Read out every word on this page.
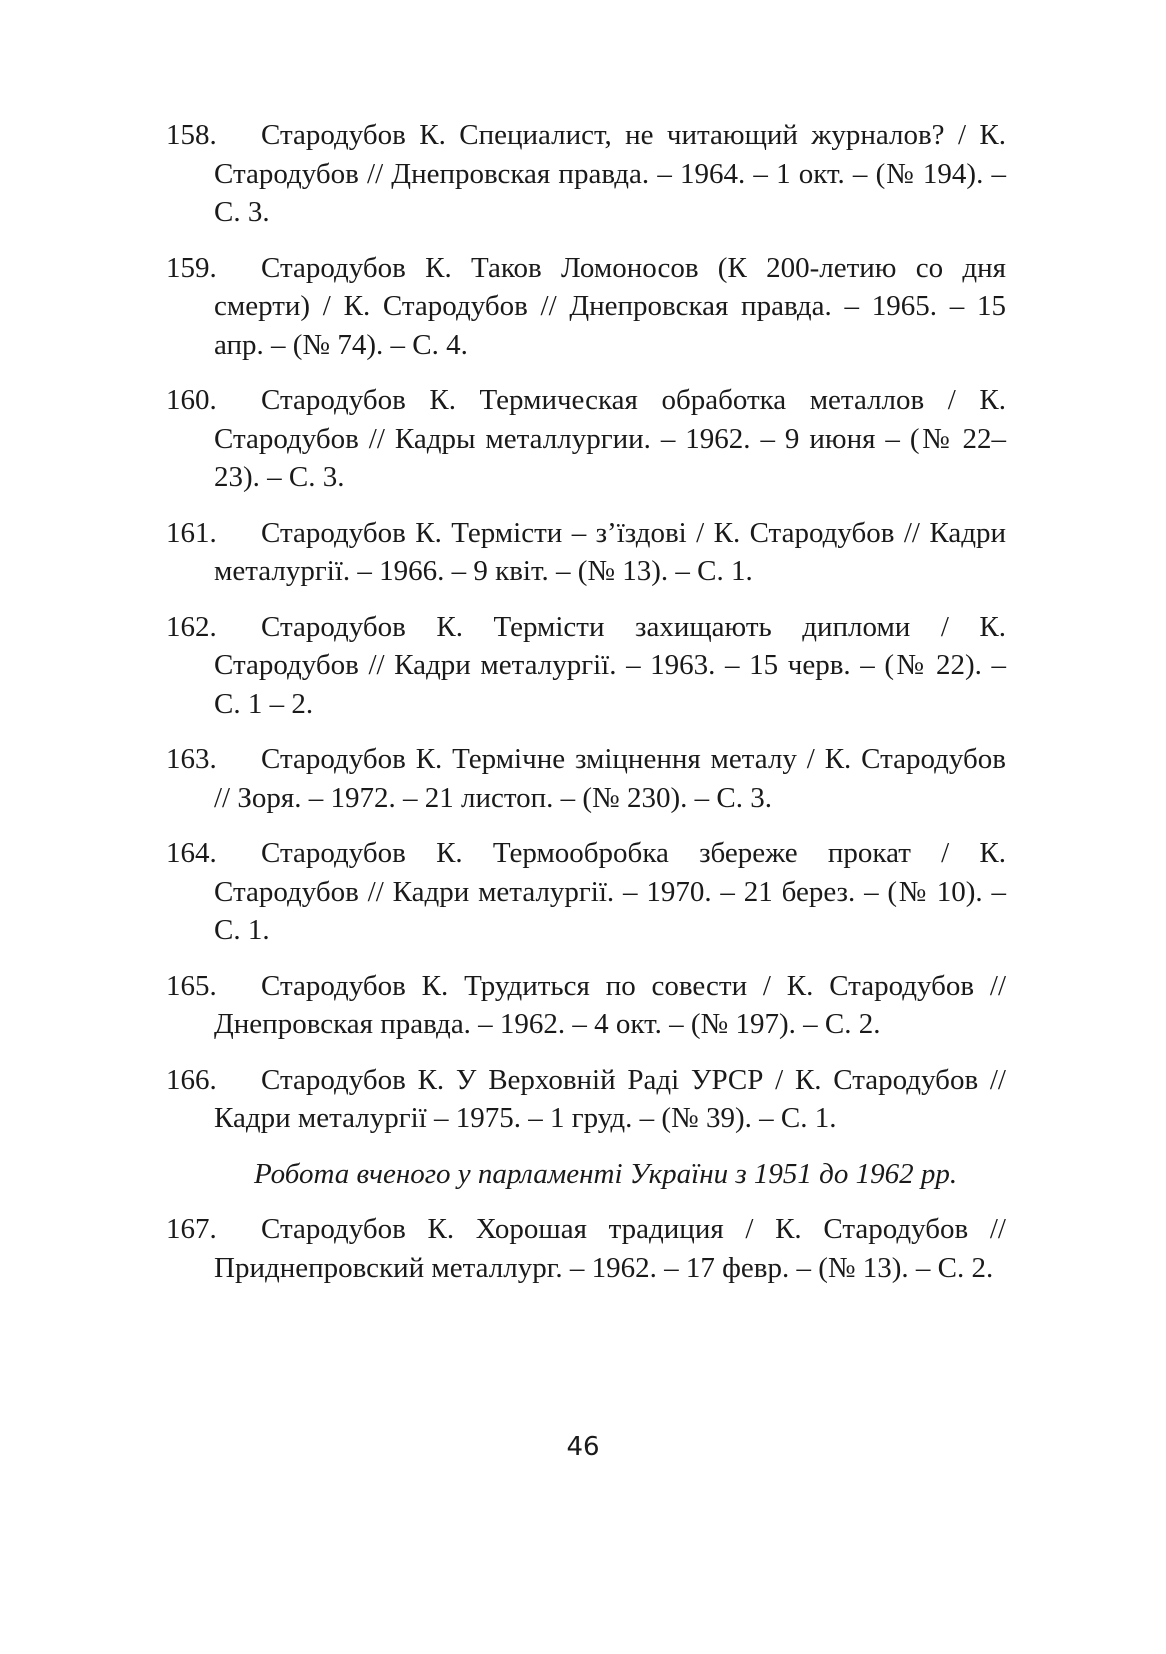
158.	Стародубов К. Специалист, не читающий журналов? / К. Стародубов // Днепровская правда. – 1964. – 1 окт. – (№ 194). – С. 3.
159.	Стародубов К. Таков Ломоносов (К 200-летию со дня смерти) / К. Стародубов // Днепровская правда. – 1965. – 15 апр. – (№ 74). – С. 4.
160.	Стародубов К. Термическая обработка металлов / К. Стародубов // Кадры металлургии. – 1962. – 9 июня – (№ 22–23). – С. 3.
161.	Стародубов К. Термісти – з’їздові / К. Стародубов // Кадри металургії. – 1966. – 9 квіт. – (№ 13). – С. 1.
162.	Стародубов К. Термісти захищають дипломи / К. Стародубов // Кадри металургії. – 1963. – 15 черв. – (№ 22). – С. 1 – 2.
163.	Стародубов К. Термічне зміцнення металу / К. Стародубов // Зоря. – 1972. – 21 листоп. – (№ 230). – С. 3.
164.	Стародубов К. Термообробка збереже прокат / К. Стародубов // Кадри металургії. – 1970. – 21 берез. – (№ 10). – С. 1.
165.	Стародубов К. Трудиться по совести / К. Стародубов // Днепровская правда. – 1962. – 4 окт. – (№ 197). – С. 2.
166.	Стародубов К. У Верховній Раді УРСР / К. Стародубов // Кадри металургії – 1975. – 1 груд. – (№ 39). – С. 1.
Робота вченого у парламенті України з 1951 до 1962 рр.
167.	Стародубов К. Хорошая традиция / К. Стародубов // Приднепровский металлург. – 1962. – 17 февр. – (№ 13). – С. 2.
46
